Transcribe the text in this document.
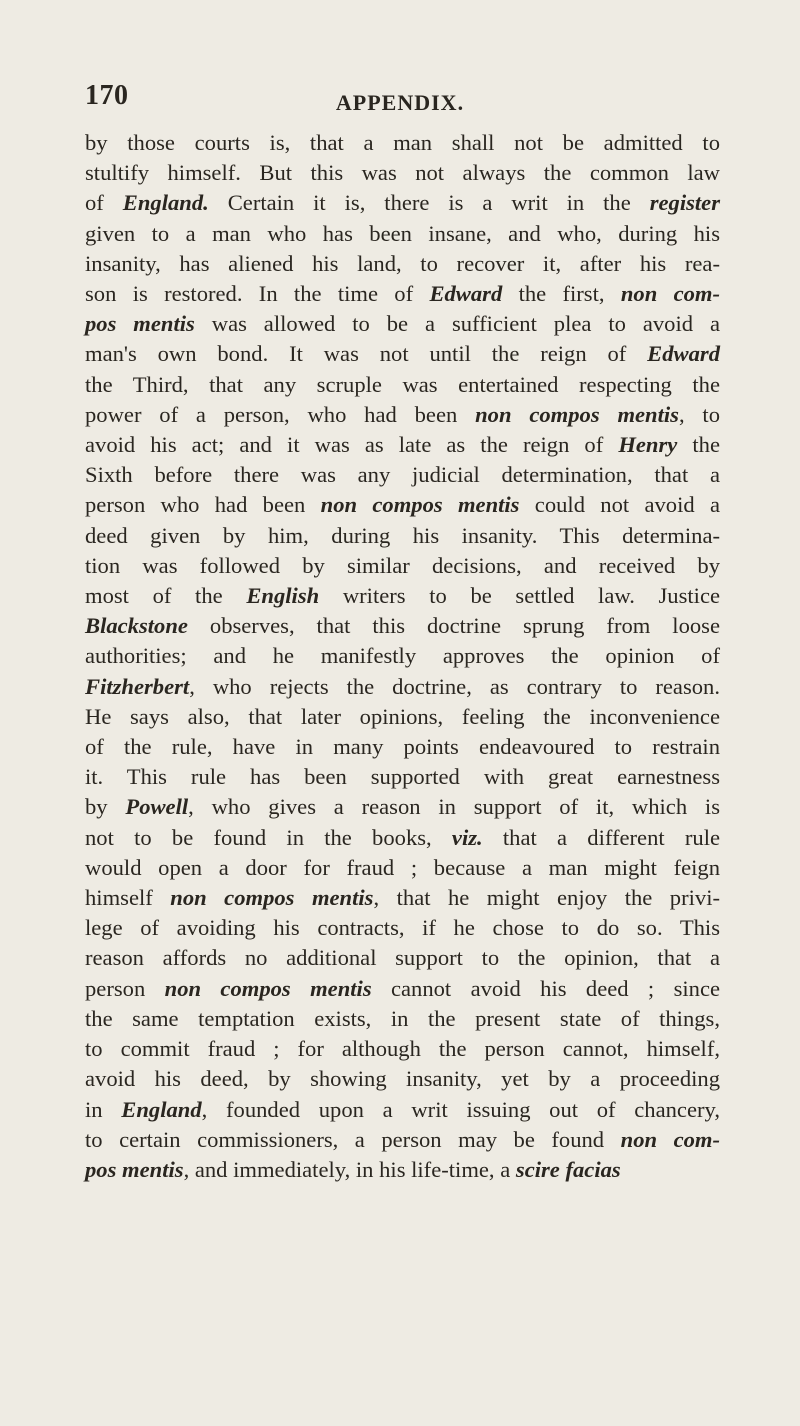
170	APPENDIX.
by those courts is, that a man shall not be admitted to
stultify himself. But this was not always the common law
of England. Certain it is, there is a writ in the register
given to a man who has been insane, and who, during his
insanity, has aliened his land, to recover it, after his rea-
son is restored. In the time of Edward the first, non com-
pos mentis was allowed to be a sufficient plea to avoid a
man's own bond. It was not until the reign of Edward
the Third, that any scruple was entertained respecting the
power of a person, who had been non compos mentis, to
avoid his act; and it was as late as the reign of Henry the
Sixth before there was any judicial determination, that a
person who had been non compos mentis could not avoid a
deed given by him, during his insanity. This determina-
tion was followed by similar decisions, and received by
most of the English writers to be settled law. Justice
Blackstone observes, that this doctrine sprung from loose
authorities; and he manifestly approves the opinion of
Fitzherbert, who rejects the doctrine, as contrary to reason.
He says also, that later opinions, feeling the inconvenience
of the rule, have in many points endeavoured to restrain
it. This rule has been supported with great earnestness
by Powell, who gives a reason in support of it, which is
not to be found in the books, viz. that a different rule
would open a door for fraud ; because a man might feign
himself non compos mentis, that he might enjoy the privi-
lege of avoiding his contracts, if he chose to do so. This
reason affords no additional support to the opinion, that a
person non compos mentis cannot avoid his deed ; since
the same temptation exists, in the present state of things,
to commit fraud ; for although the person cannot, himself,
avoid his deed, by showing insanity, yet by a proceeding
in England, founded upon a writ issuing out of chancery,
to certain commissioners, a person may be found non com-
pos mentis, and immediately, in his life-time, a scire facias
